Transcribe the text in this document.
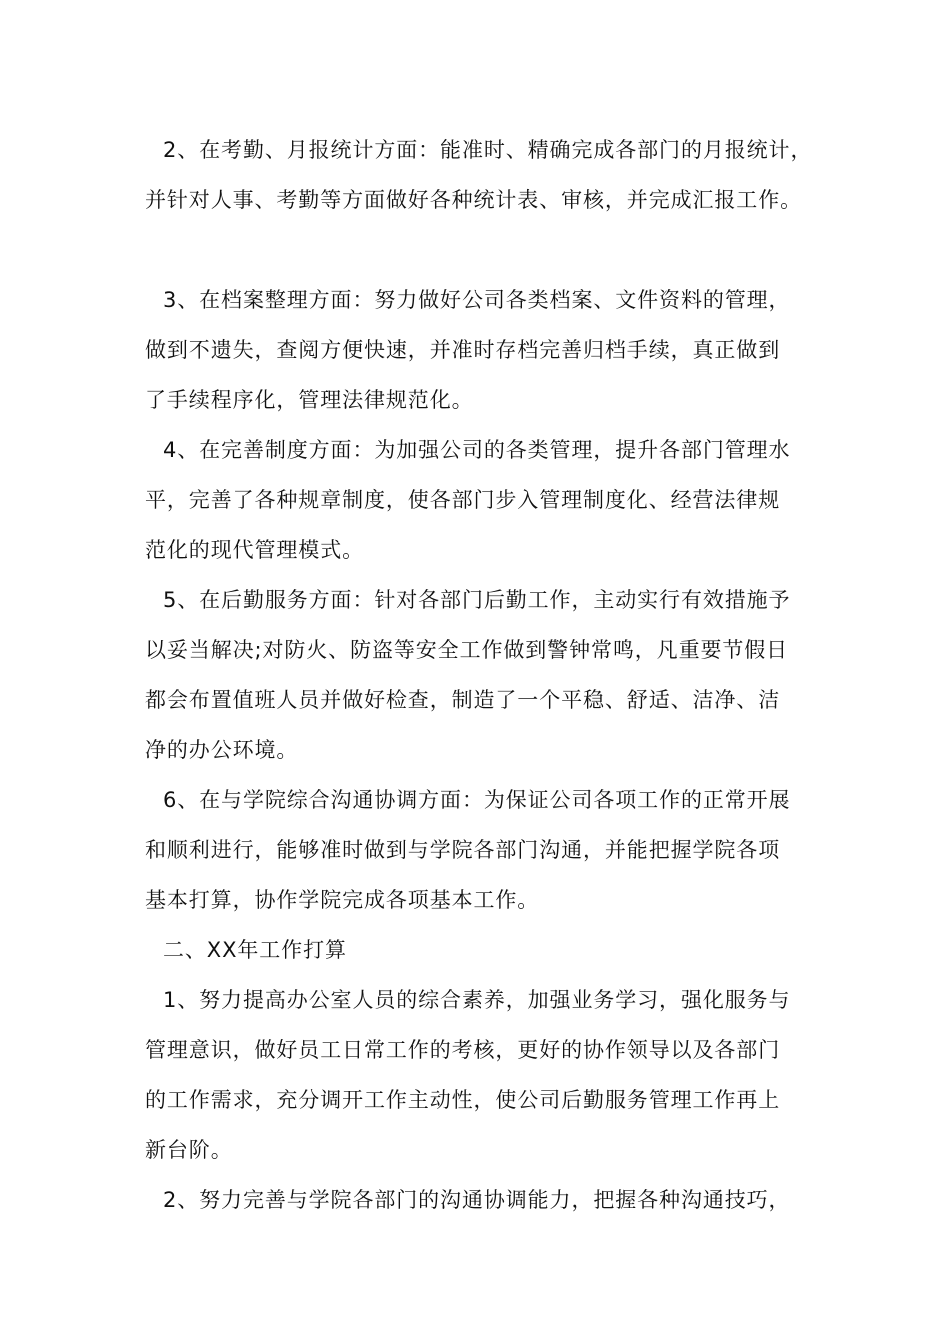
2、在考勤、月报统计方面：能准时、精确完成各部门的月报统计，
并针对人事、考勤等方面做好各种统计表、审核，并完成汇报工作。
3、在档案整理方面：努力做好公司各类档案、文件资料的管理，
做到不遗失，查阅方便快速，并准时存档完善归档手续，真正做到
了手续程序化，管理法律规范化。
4、在完善制度方面：为加强公司的各类管理，提升各部门管理水
平，完善了各种规章制度，使各部门步入管理制度化、经营法律规
范化的现代管理模式。
5、在后勤服务方面：针对各部门后勤工作，主动实行有效措施予
以妥当解决;对防火、防盗等安全工作做到警钟常鸣，凡重要节假日
都会布置值班人员并做好检查，制造了一个平稳、舒适、洁净、洁
净的办公环境。
6、在与学院综合沟通协调方面：为保证公司各项工作的正常开展
和顺利进行，能够准时做到与学院各部门沟通，并能把握学院各项
基本打算，协作学院完成各项基本工作。
二、XX年工作打算
1、努力提高办公室人员的综合素养，加强业务学习，强化服务与
管理意识，做好员工日常工作的考核，更好的协作领导以及各部门
的工作需求，充分调开工作主动性，使公司后勤服务管理工作再上
新台阶。
2、努力完善与学院各部门的沟通协调能力，把握各种沟通技巧，
